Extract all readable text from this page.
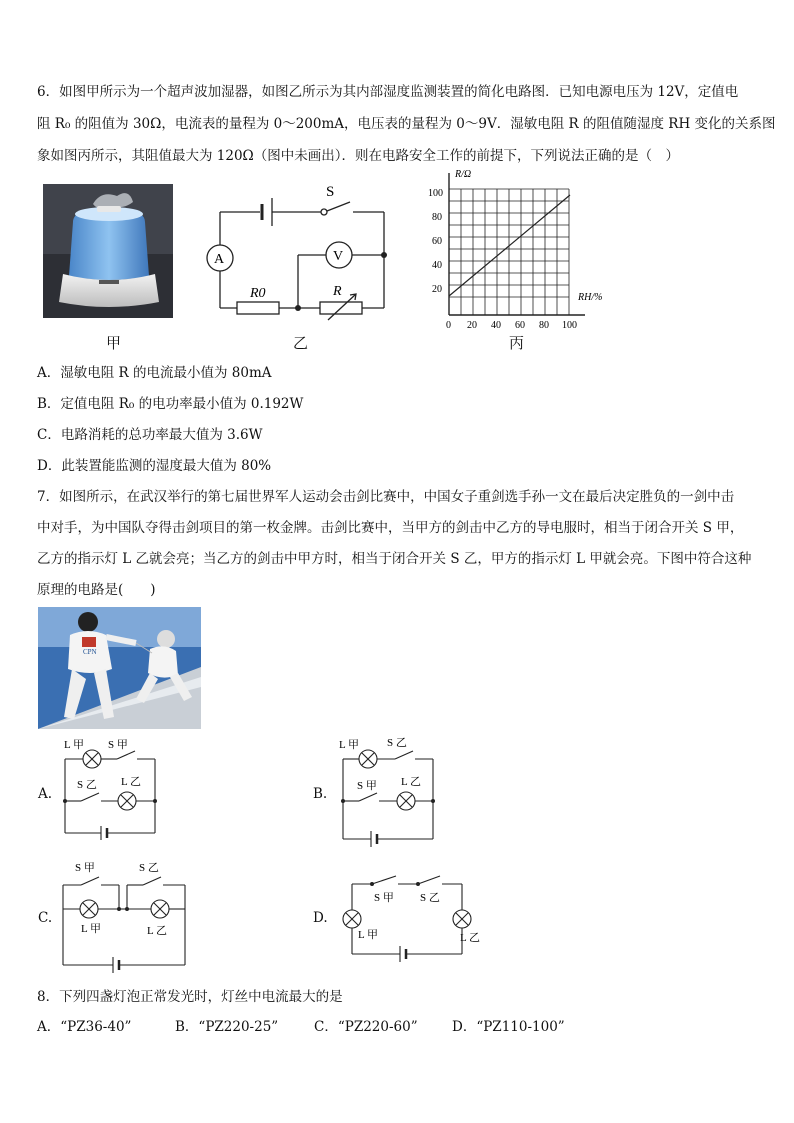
6．如图甲所示为一个超声波加湿器，如图乙所示为其内部湿度监测装置的简化电路图．已知电源电压为 12V，定值电
阻 R₀ 的阻值为 30Ω，电流表的量程为 0～200mA，电压表的量程为 0～9V．湿敏电阻 R 的阻值随湿度 RH 变化的关系图
象如图丙所示，其阻值最大为 120Ω（图中未画出）．则在电路安全工作的前提下，下列说法正确的是（　）
甲
S
A	V
R0	R
乙
R/Ω
RH/%
100
80
60
40
20
0 20 40 60 80 100
丙
A．湿敏电阻 R 的电流最小值为 80mA
B．定值电阻 R₀ 的电功率最小值为 0.192W
C．电路消耗的总功率最大值为 3.6W
D．此装置能监测的湿度最大值为 80%
7．如图所示，在武汉举行的第七届世界军人运动会击剑比赛中，中国女子重剑选手孙一文在最后决定胜负的一剑中击
中对手，为中国队夺得击剑项目的第一枚金牌。击剑比赛中，当甲方的剑击中乙方的导电服时，相当于闭合开关 S 甲，
乙方的指示灯 L 乙就会亮；当乙方的剑击中甲方时，相当于闭合开关 S 乙，甲方的指示灯 L 甲就会亮。下图中符合这种
原理的电路是(　　)
CPN
A.
L 甲 S 甲
S 乙 L 乙
B.
L 甲	S 乙
S 甲 L 乙
C.
S 甲	S 乙
L 甲	L 乙
D.
S 甲 S 乙
L 甲	L 乙
8．下列四盏灯泡正常发光时，灯丝中电流最大的是
A．“PZ36-40”	B．“PZ220-25”	C．“PZ220-60”	D．“PZ110-100”
